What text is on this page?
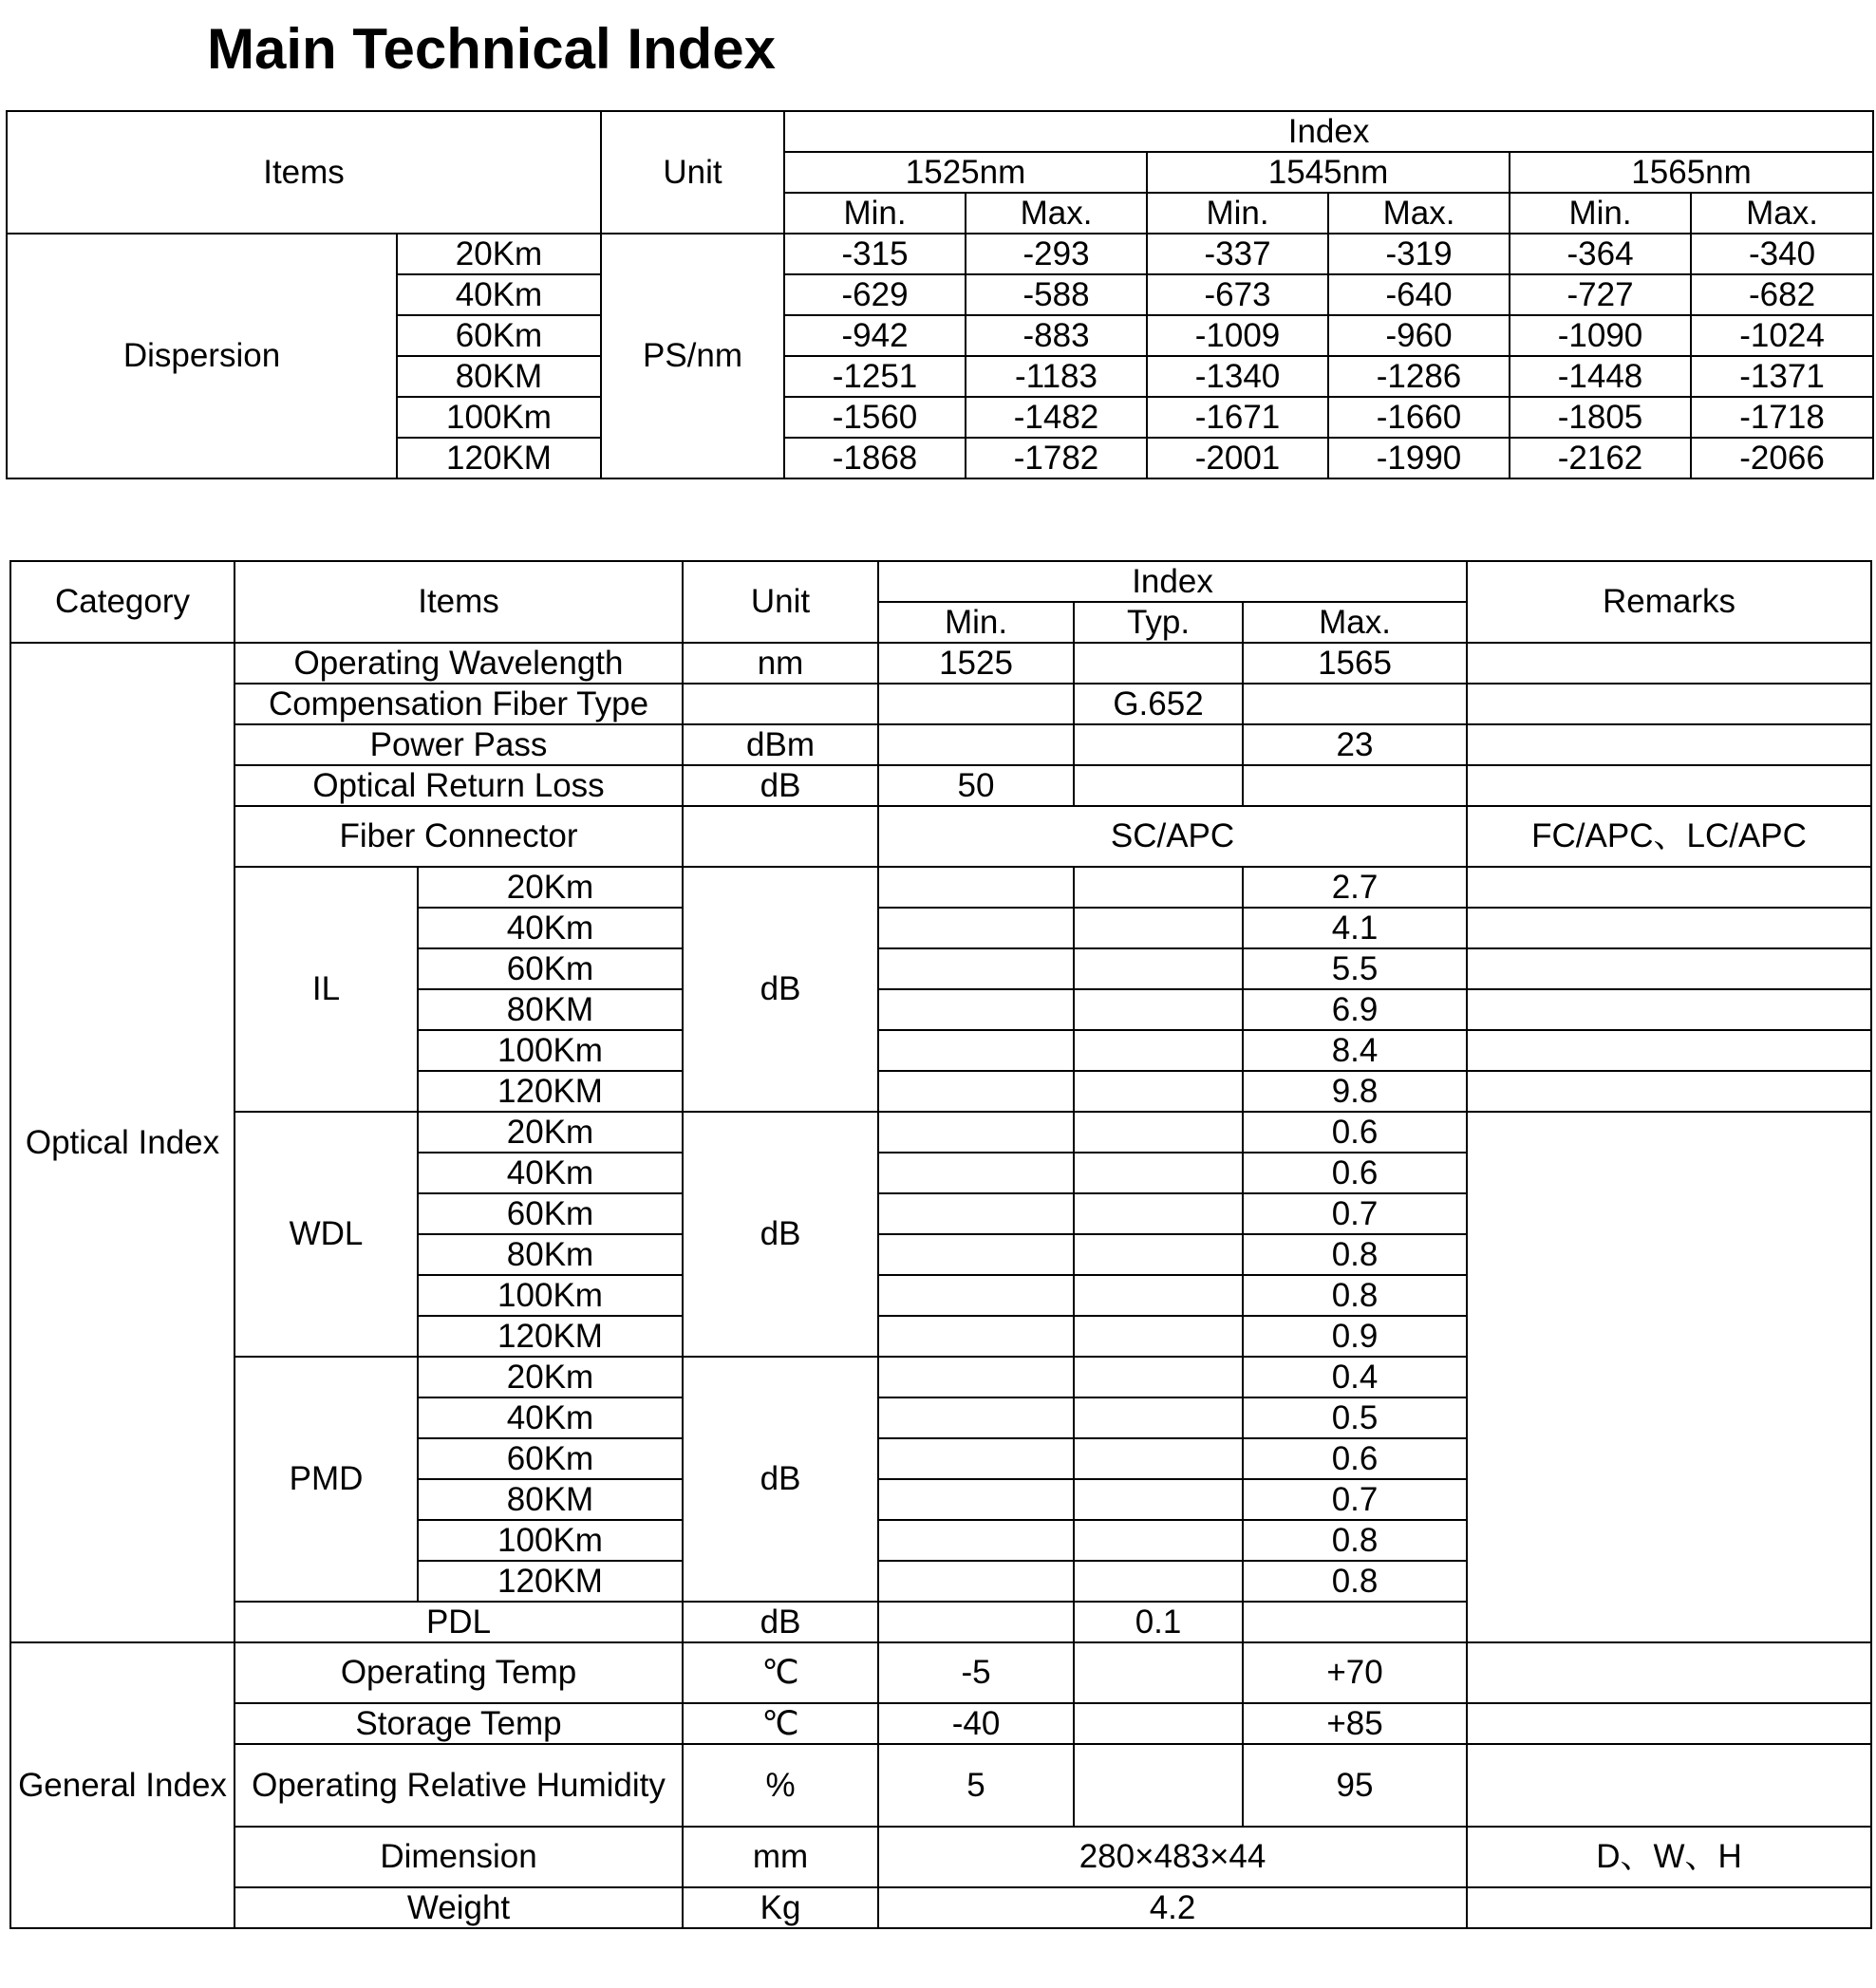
Main Technical Index
Items		Unit	Index					
			1525nm		1545nm		1565nm	
			Min.	Max.	Min.	Max.	Min.	Max.
Dispersion	20Km	PS/nm	-315	-293	-337	-319	-364	-340
	40Km		-629	-588	-673	-640	-727	-682
	60Km		-942	-883	-1009	-960	-1090	-1024
	80KM		-1251	-1183	-1340	-1286	-1448	-1371
	100Km		-1560	-1482	-1671	-1660	-1805	-1718
	120KM		-1868	-1782	-2001	-1990	-2162	-2066
Category	Items		Unit	Index			Remarks
				Min.	Typ.	Max.	
Optical Index	Operating Wavelength		nm	1525		1565	
	Compensation Fiber Type				G.652		
	Power Pass		dBm			23	
	Optical Return Loss		dB	50			
	Fiber Connector			SC/APC			FC/APC、LC/APC
	IL	20Km	dB			2.7	
		40Km				4.1	
		60Km				5.5	
		80KM				6.9	
		100Km				8.4	
		120KM				9.8	
	WDL	20Km	dB			0.6	
		40Km				0.6	
		60Km				0.7	
		80Km				0.8	
		100Km				0.8	
		120KM				0.9	
	PMD	20Km	dB			0.4	
		40Km				0.5	
		60Km				0.6	
		80KM				0.7	
		100Km				0.8	
		120KM				0.8	
	PDL		dB		0.1		
General Index	Operating Temp		℃	-5		+70	
	Storage Temp		℃	-40		+85	
	Operating Relative Humidity		%	5		95	
	Dimension		mm	280×483×44			D、W、H
	Weight		Kg	4.2			
